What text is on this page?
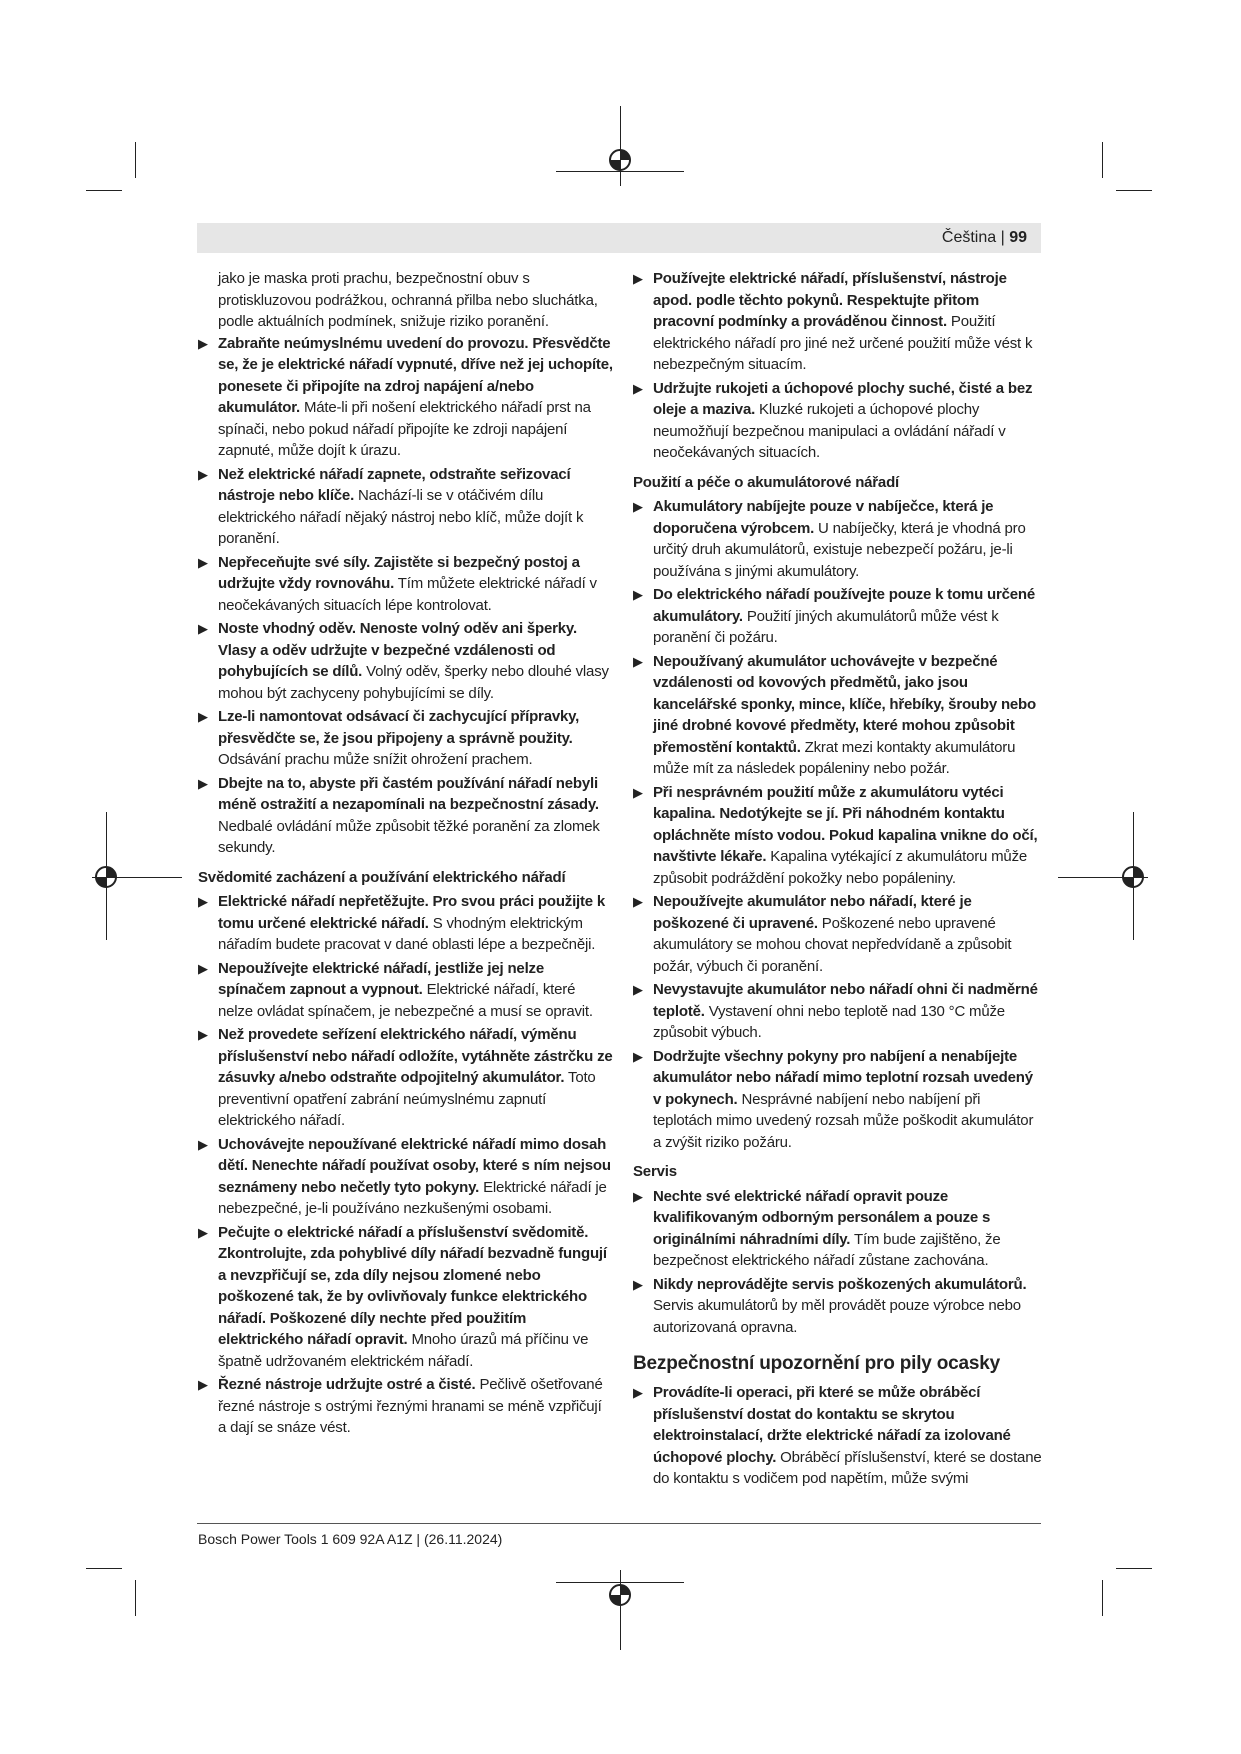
Čeština | 99

jako je maska proti prachu, bezpečnostní obuv s protiskluzovou podrážkou, ochranná přilba nebo sluchátka, podle aktuálních podmínek, snižuje riziko poranění.

▶ Zabraňte neúmyslnému uvedení do provozu. Přesvědčte se, že je elektrické nářadí vypnuté, dříve než jej uchopíte, ponesete či připojíte na zdroj napájení a/nebo akumulátor. Máte-li při nošení elektrického nářadí prst na spínači, nebo pokud nářadí připojíte ke zdroji napájení zapnuté, může dojít k úrazu.
▶ Než elektrické nářadí zapnete, odstraňte seřizovací nástroje nebo klíče. Nachází-li se v otáčivém dílu elektrického nářadí nějaký nástroj nebo klíč, může dojít k poranění.
▶ Nepřeceňujte své síly. Zajistěte si bezpečný postoj a udržujte vždy rovnováhu. Tím můžete elektrické nářadí v neočekávaných situacích lépe kontrolovat.
▶ Noste vhodný oděv. Nenoste volný oděv ani šperky. Vlasy a oděv udržujte v bezpečné vzdálenosti od pohybujících se dílů. Volný oděv, šperky nebo dlouhé vlasy mohou být zachyceny pohybujícími se díly.
▶ Lze-li namontovat odsávací či zachycující přípravky, přesvědčte se, že jsou připojeny a správně použity. Odsávání prachu může snížit ohrožení prachem.
▶ Dbejte na to, abyste při častém používání nářadí nebyli méně ostražití a nezapomínali na bezpečnostní zásady. Nedbalé ovládání může způsobit těžké poranění za zlomek sekundy.
Svědomité zacházení a používání elektrického nářadí
▶ Elektrické nářadí nepřetěžujte. Pro svou práci použijte k tomu určené elektrické nářadí. S vhodným elektrickým nářadím budete pracovat v dané oblasti lépe a bezpečněji.
▶ Nepoužívejte elektrické nářadí, jestliže jej nelze spínačem zapnout a vypnout. Elektrické nářadí, které nelze ovládat spínačem, je nebezpečné a musí se opravit.
▶ Než provedete seřízení elektrického nářadí, výměnu příslušenství nebo nářadí odložíte, vytáhněte zástrčku ze zásuvky a/nebo odstraňte odpojitelný akumulátor. Toto preventivní opatření zabrání neúmyslnému zapnutí elektrického nářadí.
▶ Uchovávejte nepoužívané elektrické nářadí mimo dosah dětí. Nenechte nářadí používat osoby, které s ním nejsou seznámeny nebo nečetly tyto pokyny. Elektrické nářadí je nebezpečné, je-li používáno nezkušenými osobami.
▶ Pečujte o elektrické nářadí a příslušenství svědomitě. Zkontrolujte, zda pohyblivé díly nářadí bezvadně fungují a nevzpřičují se, zda díly nejsou zlomené nebo poškozené tak, že by ovlivňovaly funkce elektrického nářadí. Poškozené díly nechte před použitím elektrického nářadí opravit. Mnoho úrazů má příčinu ve špatně udržovaném elektrickém nářadí.
▶ Řezné nástroje udržujte ostré a čisté. Pečlivě ošetřované řezné nástroje s ostrými řeznými hranami se méně vzpřičují a dají se snáze vést.
▶ Používejte elektrické nářadí, příslušenství, nástroje apod. podle těchto pokynů. Respektujte přitom pracovní podmínky a prováděnou činnost. Použití elektrického nářadí pro jiné než určené použití může vést k nebezpečným situacím.
▶ Udržujte rukojeti a úchopové plochy suché, čisté a bez oleje a maziva. Kluzké rukojeti a úchopové plochy neumožňují bezpečnou manipulaci a ovládání nářadí v neočekávaných situacích.
Použití a péče o akumulátorové nářadí
▶ Akumulátory nabíjejte pouze v nabíječce, která je doporučena výrobcem. U nabíječky, která je vhodná pro určitý druh akumulátorů, existuje nebezpečí požáru, je-li používána s jinými akumulátory.
▶ Do elektrického nářadí používejte pouze k tomu určené akumulátory. Použití jiných akumulátorů může vést k poranění či požáru.
▶ Nepoužívaný akumulátor uchovávejte v bezpečné vzdálenosti od kovových předmětů, jako jsou kancelářské sponky, mince, klíče, hřebíky, šrouby nebo jiné drobné kovové předměty, které mohou způsobit přemostění kontaktů. Zkrat mezi kontakty akumulátoru může mít za následek popáleniny nebo požár.
▶ Při nesprávném použití může z akumulátoru vytéci kapalina. Nedotýkejte se jí. Při náhodném kontaktu opláchněte místo vodou. Pokud kapalina vnikne do očí, navštivte lékaře. Kapalina vytékající z akumulátoru může způsobit podráždění pokožky nebo popáleniny.
▶ Nepoužívejte akumulátor nebo nářadí, které je poškozené či upravené. Poškozené nebo upravené akumulátory se mohou chovat nepředvídaně a způsobit požár, výbuch či poranění.
▶ Nevystavujte akumulátor nebo nářadí ohni či nadměrné teplotě. Vystavení ohni nebo teplotě nad 130 °C může způsobit výbuch.
▶ Dodržujte všechny pokyny pro nabíjení a nenabíjejte akumulátor nebo nářadí mimo teplotní rozsah uvedený v pokynech. Nesprávné nabíjení nebo nabíjení při teplotách mimo uvedený rozsah může poškodit akumulátor a zvýšit riziko požáru.
Servis
▶ Nechte své elektrické nářadí opravit pouze kvalifikovaným odborným personálem a pouze s originálními náhradními díly. Tím bude zajištěno, že bezpečnost elektrického nářadí zůstane zachována.
▶ Nikdy neprovádějte servis poškozených akumulátorů. Servis akumulátorů by měl provádět pouze výrobce nebo autorizovaná opravna.
Bezpečnostní upozornění pro pily ocasky
▶ Provádíte-li operaci, při které se může obráběcí příslušenství dostat do kontaktu se skrytou elektroinstalací, držte elektrické nářadí za izolované úchopové plochy. Obráběcí příslušenství, které se dostane do kontaktu s vodičem pod napětím, může svými
Bosch Power Tools 1 609 92A A1Z | (26.11.2024)
